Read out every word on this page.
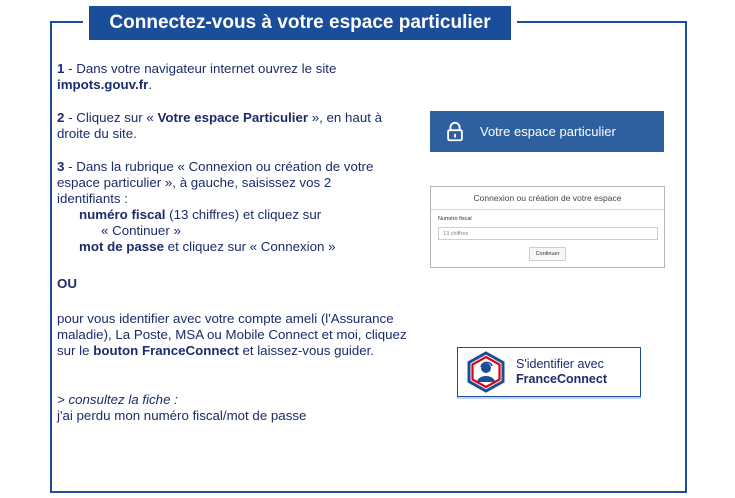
Connectez-vous à votre espace particulier
1 - Dans votre navigateur internet ouvrez le site
impots.gouv.fr.
2 - Cliquez sur « Votre espace Particulier », en haut à droite du site.
3 - Dans la rubrique « Connexion ou création de votre espace particulier », à gauche, saisissez vos 2 identifiants :
numéro fiscal (13 chiffres) et cliquez sur
« Continuer »
mot de passe et cliquez sur « Connexion »
OU
pour vous identifier avec votre compte ameli (l'Assurance maladie), La Poste, MSA ou Mobile Connect et moi, cliquez sur le bouton FranceConnect et laissez-vous guider.
> consultez la fiche :
j'ai perdu mon numéro fiscal/mot de passe
Votre espace particulier
Connexion ou création de votre espace
Numéro fiscal
13 chiffres
Continuer
S'identifier avec
FranceConnect
